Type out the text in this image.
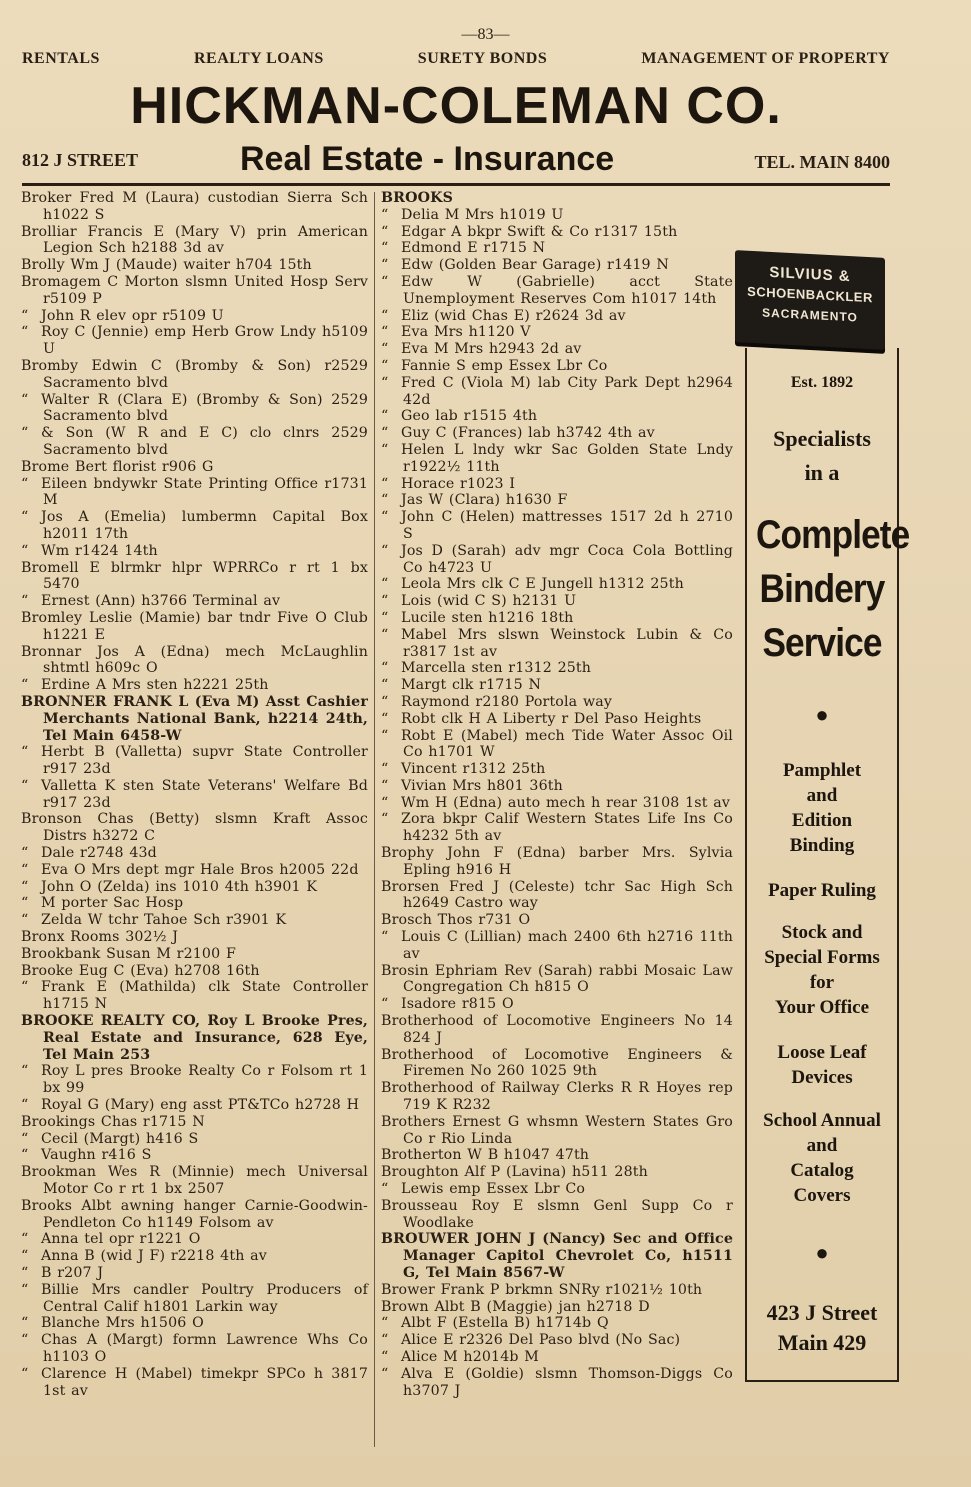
—83—
RENTALS	REALTY LOANS	SURETY BONDS	MANAGEMENT OF PROPERTY
HICKMAN-COLEMAN CO.
812 J STREET	Real Estate - Insurance	TEL. MAIN 8400
Broker Fred M (Laura) custodian Sierra Sch h1022 S
Brolliar Francis E (Mary V) prin American Legion Sch h2188 3d av
Brolly Wm J (Maude) waiter h704 15th
Bromagem C Morton slsmn United Hosp Serv r5109 P
“ John R elev opr r5109 U
“ Roy C (Jennie) emp Herb Grow Lndy h5109 U
Bromby Edwin C (Bromby & Son) r2529 Sacramento blvd
“ Walter R (Clara E) (Bromby & Son) 2529 Sacramento blvd
“ & Son (W R and E C) clo clnrs 2529 Sacramento blvd
Brome Bert florist r906 G
“ Eileen bndywkr State Printing Office r1731 M
“ Jos A (Emelia) lumbermn Capital Box h2011 17th
“ Wm r1424 14th
Bromell E blrmkr hlpr WPRRCo r rt 1 bx 5470
“ Ernest (Ann) h3766 Terminal av
Bromley Leslie (Mamie) bar tndr Five O Club h1221 E
Bronnar Jos A (Edna) mech McLaughlin shtmtl h609c O
“ Erdine A Mrs sten h2221 25th
BRONNER FRANK L (Eva M) Asst Cashier Merchants National Bank, h2214 24th, Tel Main 6458-W
“ Herbt B (Valletta) supvr State Controller r917 23d
“ Valletta K sten State Veterans' Welfare Bd r917 23d
Bronson Chas (Betty) slsmn Kraft Assoc Distrs h3272 C
“ Dale r2748 43d
“ Eva O Mrs dept mgr Hale Bros h2005 22d
“ John O (Zelda) ins 1010 4th h3901 K
“ M porter Sac Hosp
“ Zelda W tchr Tahoe Sch r3901 K
Bronx Rooms 302½ J
Brookbank Susan M r2100 F
Brooke Eug C (Eva) h2708 16th
“ Frank E (Mathilda) clk State Controller h1715 N
BROOKE REALTY CO, Roy L Brooke Pres, Real Estate and Insurance, 628 Eye, Tel Main 253
“ Roy L pres Brooke Realty Co r Folsom rt 1 bx 99
“ Royal G (Mary) eng asst PT&TCo h2728 H
Brookings Chas r1715 N
“ Cecil (Margt) h416 S
“ Vaughn r416 S
Brookman Wes R (Minnie) mech Universal Motor Co r rt 1 bx 2507
Brooks Albt awning hanger Carnie-Goodwin-Pendleton Co h1149 Folsom av
“ Anna tel opr r1221 O
“ Anna B (wid J F) r2218 4th av
“ B r207 J
“ Billie Mrs candler Poultry Producers of Central Calif h1801 Larkin way
“ Blanche Mrs h1506 O
“ Chas A (Margt) formn Lawrence Whs Co h1103 O
“ Clarence H (Mabel) timekpr SPCo h 3817 1st av
BROOKS
“ Delia M Mrs h1019 U
“ Edgar A bkpr Swift & Co r1317 15th
“ Edmond E r1715 N
“ Edw (Golden Bear Garage) r1419 N
“ Edw W (Gabrielle) acct State Unemployment Reserves Com h1017 14th
“ Eliz (wid Chas E) r2624 3d av
“ Eva Mrs h1120 V
“ Eva M Mrs h2943 2d av
“ Fannie S emp Essex Lbr Co
“ Fred C (Viola M) lab City Park Dept h2964 42d
“ Geo lab r1515 4th
“ Guy C (Frances) lab h3742 4th av
“ Helen L lndy wkr Sac Golden State Lndy r1922½ 11th
“ Horace r1023 I
“ Jas W (Clara) h1630 F
“ John C (Helen) mattresses 1517 2d h 2710 S
“ Jos D (Sarah) adv mgr Coca Cola Bottling Co h4723 U
“ Leola Mrs clk C E Jungell h1312 25th
“ Lois (wid C S) h2131 U
“ Lucile sten h1216 18th
“ Mabel Mrs slswn Weinstock Lubin & Co r3817 1st av
“ Marcella sten r1312 25th
“ Margt clk r1715 N
“ Raymond r2180 Portola way
“ Robt clk H A Liberty r Del Paso Heights
“ Robt E (Mabel) mech Tide Water Assoc Oil Co h1701 W
“ Vincent r1312 25th
“ Vivian Mrs h801 36th
“ Wm H (Edna) auto mech h rear 3108 1st av
“ Zora bkpr Calif Western States Life Ins Co h4232 5th av
Brophy John F (Edna) barber Mrs. Sylvia Epling h916 H
Brorsen Fred J (Celeste) tchr Sac High Sch h2649 Castro way
Brosch Thos r731 O
“ Louis C (Lillian) mach 2400 6th h2716 11th av
Brosin Ephriam Rev (Sarah) rabbi Mosaic Law Congregation Ch h815 O
“ Isadore r815 O
Brotherhood of Locomotive Engineers No 14 824 J
Brotherhood of Locomotive Engineers & Firemen No 260 1025 9th
Brotherhood of Railway Clerks R R Hoyes rep 719 K R232
Brothers Ernest G whsmn Western States Gro Co r Rio Linda
Brotherton W B h1047 47th
Broughton Alf P (Lavina) h511 28th
“ Lewis emp Essex Lbr Co
Brousseau Roy E slsmn Genl Supp Co r Woodlake
BROUWER JOHN J (Nancy) Sec and Office Manager Capitol Chevrolet Co, h1511 G, Tel Main 8567-W
Brower Frank P brkmn SNRy r1021½ 10th
Brown Albt B (Maggie) jan h2718 D
“ Albt F (Estella B) h1714b Q
“ Alice E r2326 Del Paso blvd (No Sac)
“ Alice M h2014b M
“ Alva E (Goldie) slsmn Thomson-Diggs Co h3707 J
SILVIUS &
SCHOENBACKLER
SACRAMENTO
Est. 1892
Specialists
in a
Complete
Bindery
Service
●
Pamphlet
and
Edition
Binding
Paper Ruling
Stock and
Special Forms
for
Your Office
Loose Leaf
Devices
School Annual
and
Catalog
Covers
●
423 J Street
Main 429
